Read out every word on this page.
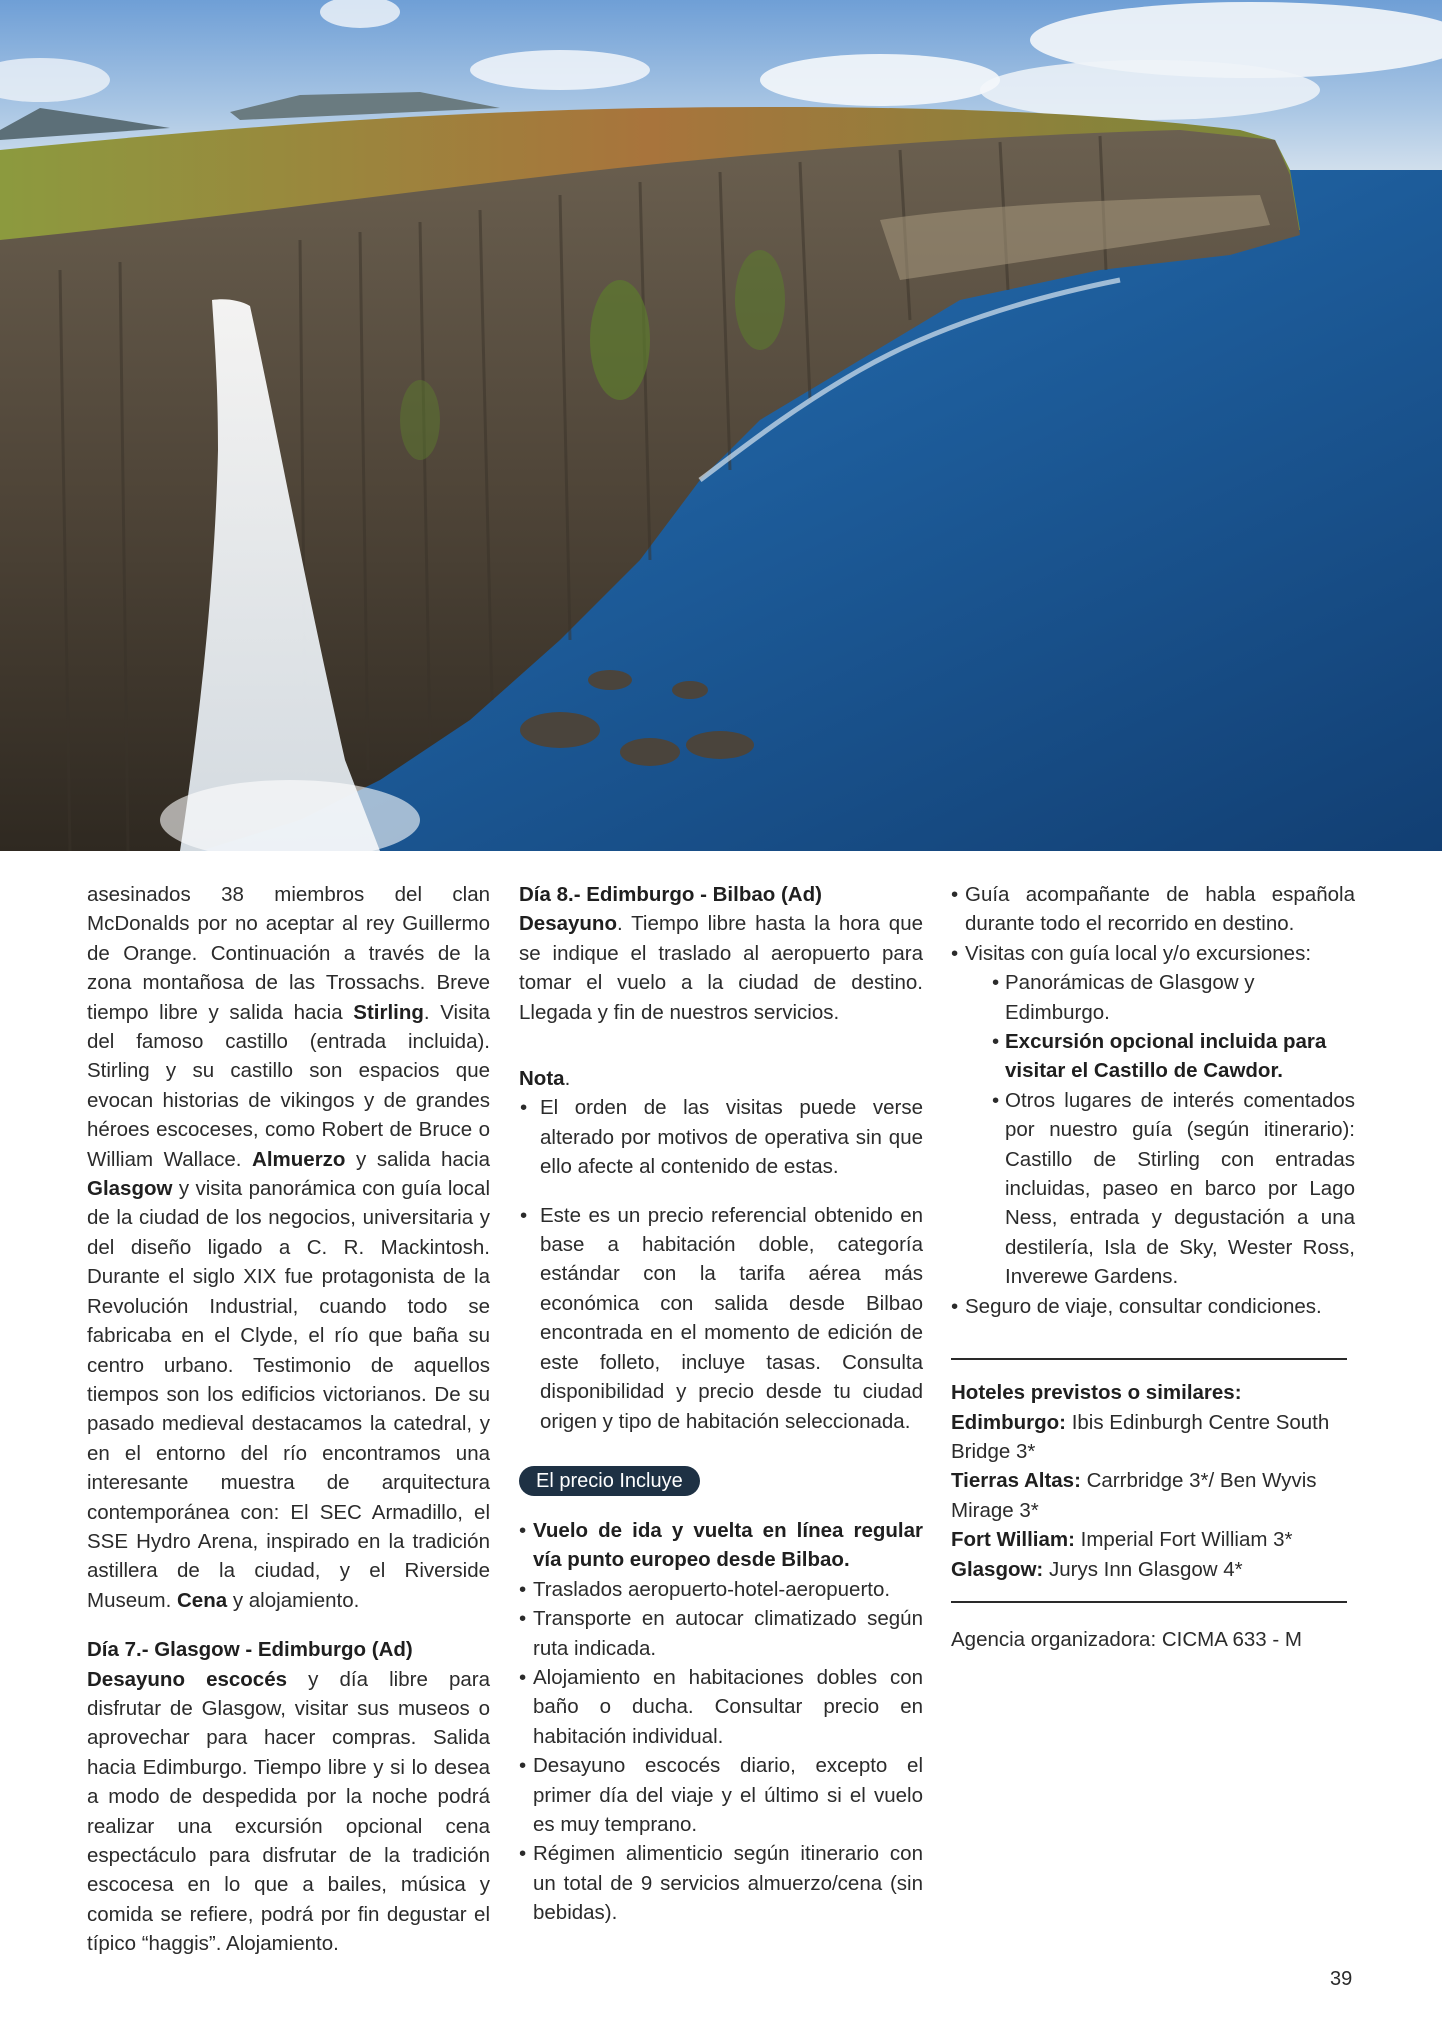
asesinados 38 miembros del clan McDonalds por no aceptar al rey Guillermo de Orange. Continuación a través de la zona montañosa de las Trossachs. Breve tiempo libre y salida hacia Stirling. Visita del famoso castillo (entrada incluida). Stirling y su castillo son espacios que evocan historias de vikingos y de grandes héroes escoceses, como Robert de Bruce o William Wallace. Almuerzo y salida hacia Glasgow y visita panorámica con guía local de la ciudad de los negocios, universitaria y del diseño ligado a C. R. Mackintosh. Durante el siglo XIX fue protagonista de la Revolución Industrial, cuando todo se fabricaba en el Clyde, el río que baña su centro urbano. Testimonio de aquellos tiempos son los edificios victorianos. De su pasado medieval destacamos la catedral, y en el entorno del río encontramos una interesante muestra de arquitectura contemporánea con: El SEC Armadillo, el SSE Hydro Arena, inspirado en la tradición astillera de la ciudad, y el Riverside Museum. Cena y alojamiento.

Día 7.- Glasgow - Edimburgo (Ad)

Desayuno escocés y día libre para disfrutar de Glasgow, visitar sus museos o aprovechar para hacer compras. Salida hacia Edimburgo. Tiempo libre y si lo desea a modo de despedida por la noche podrá realizar una excursión opcional cena espectáculo para disfrutar de la tradición escocesa en lo que a bailes, música y comida se refiere, podrá por fin degustar el típico “haggis”. Alojamiento.

Día 8.- Edimburgo - Bilbao (Ad)

Desayuno. Tiempo libre hasta la hora que se indique el traslado al aeropuerto para tomar el vuelo a la ciudad de destino. Llegada y fin de nuestros servicios.

Nota.

• El orden de las visitas puede verse alterado por motivos de operativa sin que ello afecte al contenido de estas.
• Este es un precio referencial obtenido en base a habitación doble, categoría estándar con la tarifa aérea más económica con salida desde Bilbao encontrada en el momento de edición de este folleto, incluye tasas. Consulta disponibilidad y precio desde tu ciudad origen y tipo de habitación seleccionada.
El precio Incluye
• Vuelo de ida y vuelta en línea regular vía punto europeo desde Bilbao.
• Traslados aeropuerto-hotel-aeropuerto.
• Transporte en autocar climatizado según ruta indicada.
• Alojamiento en habitaciones dobles con baño o ducha. Consultar precio en habitación individual.
• Desayuno escocés diario, excepto el primer día del viaje y el último si el vuelo es muy temprano.
• Régimen alimenticio según itinerario con un total de 9 servicios almuerzo/cena (sin bebidas).
• Guía acompañante de habla española durante todo el recorrido en destino.
• Visitas con guía local y/o excursiones:
• Panorámicas de Glasgow y Edimburgo.
• Excursión opcional incluida para visitar el Castillo de Cawdor.
• Otros lugares de interés comentados por nuestro guía (según itinerario): Castillo de Stirling con entradas incluidas, paseo en barco por Lago Ness, entrada y degustación a una destilería, Isla de Sky, Wester Ross, Inverewe Gardens.
• Seguro de viaje, consultar condiciones.

Hoteles previstos o similares:

Edimburgo: Ibis Edinburgh Centre South Bridge 3*

Tierras Altas: Carrbridge 3*/ Ben Wyvis Mirage 3*

Fort William: Imperial Fort William 3*

Glasgow: Jurys Inn Glasgow 4*

Agencia organizadora: CICMA 633 - M

39
